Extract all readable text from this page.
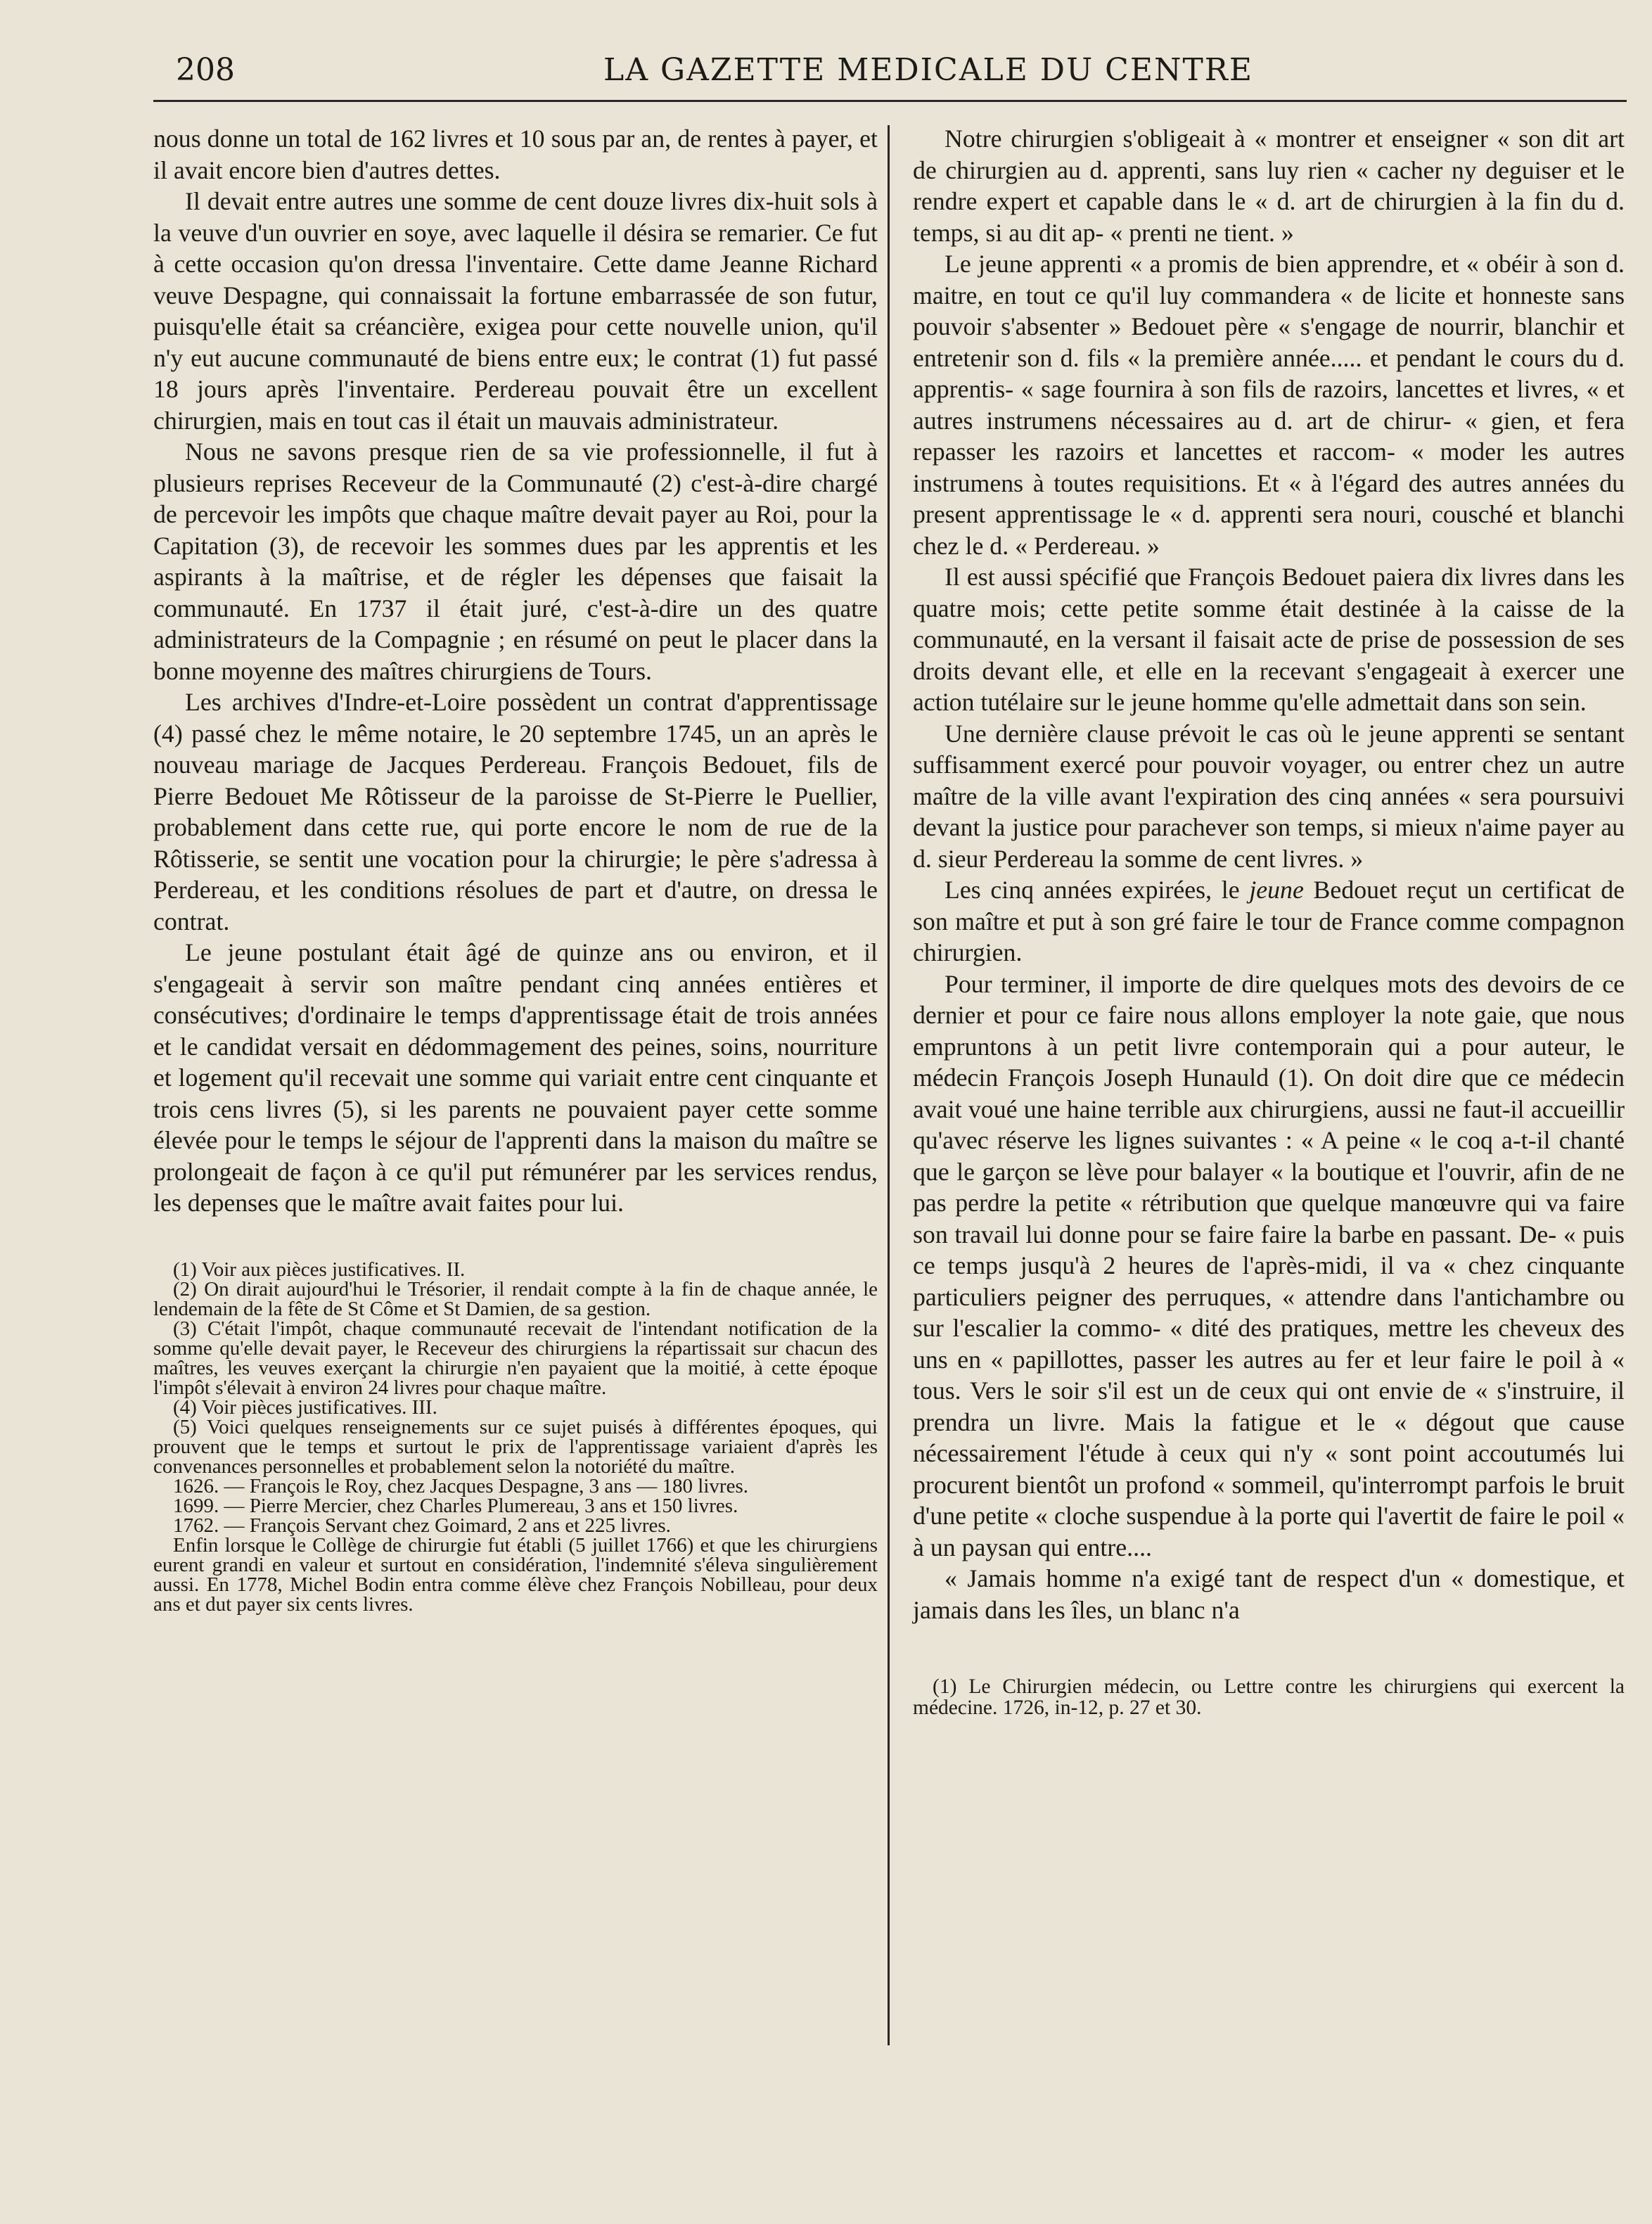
208	LA GAZETTE MEDICALE DU CENTRE

nous donne un total de 162 livres et 10 sous par an, de rentes à payer, et il avait encore bien d'autres dettes.

Il devait entre autres une somme de cent douze livres dix-huit sols à la veuve d'un ouvrier en soye, avec laquelle il désira se remarier. Ce fut à cette occasion qu'on dressa l'inventaire. Cette dame Jeanne Richard veuve Despagne, qui connaissait la fortune embarrassée de son futur, puisqu'elle était sa créancière, exigea pour cette nouvelle union, qu'il n'y eut aucune communauté de biens entre eux; le contrat (1) fut passé 18 jours après l'inventaire. Perdereau pouvait être un excellent chirurgien, mais en tout cas il était un mauvais administrateur.

Nous ne savons presque rien de sa vie professionnelle, il fut à plusieurs reprises Receveur de la Communauté (2) c'est-à-dire chargé de percevoir les impôts que chaque maître devait payer au Roi, pour la Capitation (3), de recevoir les sommes dues par les apprentis et les aspirants à la maîtrise, et de régler les dépenses que faisait la communauté. En 1737 il était juré, c'est-à-dire un des quatre administrateurs de la Compagnie ; en résumé on peut le placer dans la bonne moyenne des maîtres chirurgiens de Tours.

Les archives d'Indre-et-Loire possèdent un contrat d'apprentissage (4) passé chez le même notaire, le 20 septembre 1745, un an après le nouveau mariage de Jacques Perdereau. François Bedouet, fils de Pierre Bedouet Me Rôtisseur de la paroisse de St-Pierre le Puellier, probablement dans cette rue, qui porte encore le nom de rue de la Rôtisserie, se sentit une vocation pour la chirurgie; le père s'adressa à Perdereau, et les conditions résolues de part et d'autre, on dressa le contrat.

Le jeune postulant était âgé de quinze ans ou environ, et il s'engageait à servir son maître pendant cinq années entières et consécutives; d'ordinaire le temps d'apprentissage était de trois années et le candidat versait en dédommagement des peines, soins, nourriture et logement qu'il recevait une somme qui variait entre cent cinquante et trois cens livres (5), si les parents ne pouvaient payer cette somme élevée pour le temps le séjour de l'apprenti dans la maison du maître se prolongeait de façon à ce qu'il put rémunérer par les services rendus, les depenses que le maître avait faites pour lui.

(1) Voir aux pièces justificatives. II.

(2) On dirait aujourd'hui le Trésorier, il rendait compte à la fin de chaque année, le lendemain de la fête de St Côme et St Damien, de sa gestion.

(3) C'était l'impôt, chaque communauté recevait de l'intendant notification de la somme qu'elle devait payer, le Receveur des chirurgiens la répartissait sur chacun des maîtres, les veuves exerçant la chirurgie n'en payaient que la moitié, à cette époque l'impôt s'élevait à environ 24 livres pour chaque maître.

(4) Voir pièces justificatives. III.

(5) Voici quelques renseignements sur ce sujet puisés à différentes époques, qui prouvent que le temps et surtout le prix de l'apprentissage variaient d'après les convenances personnelles et probablement selon la notoriété du maître.

1626. — François le Roy, chez Jacques Despagne, 3 ans — 180 livres.

1699. — Pierre Mercier, chez Charles Plumereau, 3 ans et 150 livres.

1762. — François Servant chez Goimard, 2 ans et 225 livres.

Enfin lorsque le Collège de chirurgie fut établi (5 juillet 1766) et que les chirurgiens eurent grandi en valeur et surtout en considération, l'indemnité s'éleva singulièrement aussi. En 1778, Michel Bodin entra comme élève chez François Nobilleau, pour deux ans et dut payer six cents livres.

Notre chirurgien s'obligeait à « montrer et enseigner « son dit art de chirurgien au d. apprenti, sans luy rien « cacher ny deguiser et le rendre expert et capable dans le « d. art de chirurgien à la fin du d. temps, si au dit ap- « prenti ne tient. »

Le jeune apprenti « a promis de bien apprendre, et « obéir à son d. maitre, en tout ce qu'il luy commandera « de licite et honneste sans pouvoir s'absenter » Bedouet père « s'engage de nourrir, blanchir et entretenir son d. fils « la première année..... et pendant le cours du d. apprentis- « sage fournira à son fils de razoirs, lancettes et livres, « et autres instrumens nécessaires au d. art de chirur- « gien, et fera repasser les razoirs et lancettes et raccom- « moder les autres instrumens à toutes requisitions. Et « à l'égard des autres années du present apprentissage le « d. apprenti sera nouri, cousché et blanchi chez le d. « Perdereau. »

Il est aussi spécifié que François Bedouet paiera dix livres dans les quatre mois; cette petite somme était destinée à la caisse de la communauté, en la versant il faisait acte de prise de possession de ses droits devant elle, et elle en la recevant s'engageait à exercer une action tutélaire sur le jeune homme qu'elle admettait dans son sein.

Une dernière clause prévoit le cas où le jeune apprenti se sentant suffisamment exercé pour pouvoir voyager, ou entrer chez un autre maître de la ville avant l'expiration des cinq années « sera poursuivi devant la justice pour parachever son temps, si mieux n'aime payer au d. sieur Perdereau la somme de cent livres. »

Les cinq années expirées, le jeune Bedouet reçut un certificat de son maître et put à son gré faire le tour de France comme compagnon chirurgien.

Pour terminer, il importe de dire quelques mots des devoirs de ce dernier et pour ce faire nous allons employer la note gaie, que nous empruntons à un petit livre contemporain qui a pour auteur, le médecin François Joseph Hunauld (1). On doit dire que ce médecin avait voué une haine terrible aux chirurgiens, aussi ne faut-il accueillir qu'avec réserve les lignes suivantes : « A peine « le coq a-t-il chanté que le garçon se lève pour balayer « la boutique et l'ouvrir, afin de ne pas perdre la petite « rétribution que quelque manœuvre qui va faire son travail lui donne pour se faire faire la barbe en passant. De- « puis ce temps jusqu'à 2 heures de l'après-midi, il va « chez cinquante particuliers peigner des perruques, « attendre dans l'antichambre ou sur l'escalier la commo- « dité des pratiques, mettre les cheveux des uns en « papillottes, passer les autres au fer et leur faire le poil à « tous. Vers le soir s'il est un de ceux qui ont envie de « s'instruire, il prendra un livre. Mais la fatigue et le « dégout que cause nécessairement l'étude à ceux qui n'y « sont point accoutumés lui procurent bientôt un profond « sommeil, qu'interrompt parfois le bruit d'une petite « cloche suspendue à la porte qui l'avertit de faire le poil « à un paysan qui entre....

« Jamais homme n'a exigé tant de respect d'un « domestique, et jamais dans les îles, un blanc n'a

(1) Le Chirurgien médecin, ou Lettre contre les chirurgiens qui exercent la médecine. 1726, in-12, p. 27 et 30.
